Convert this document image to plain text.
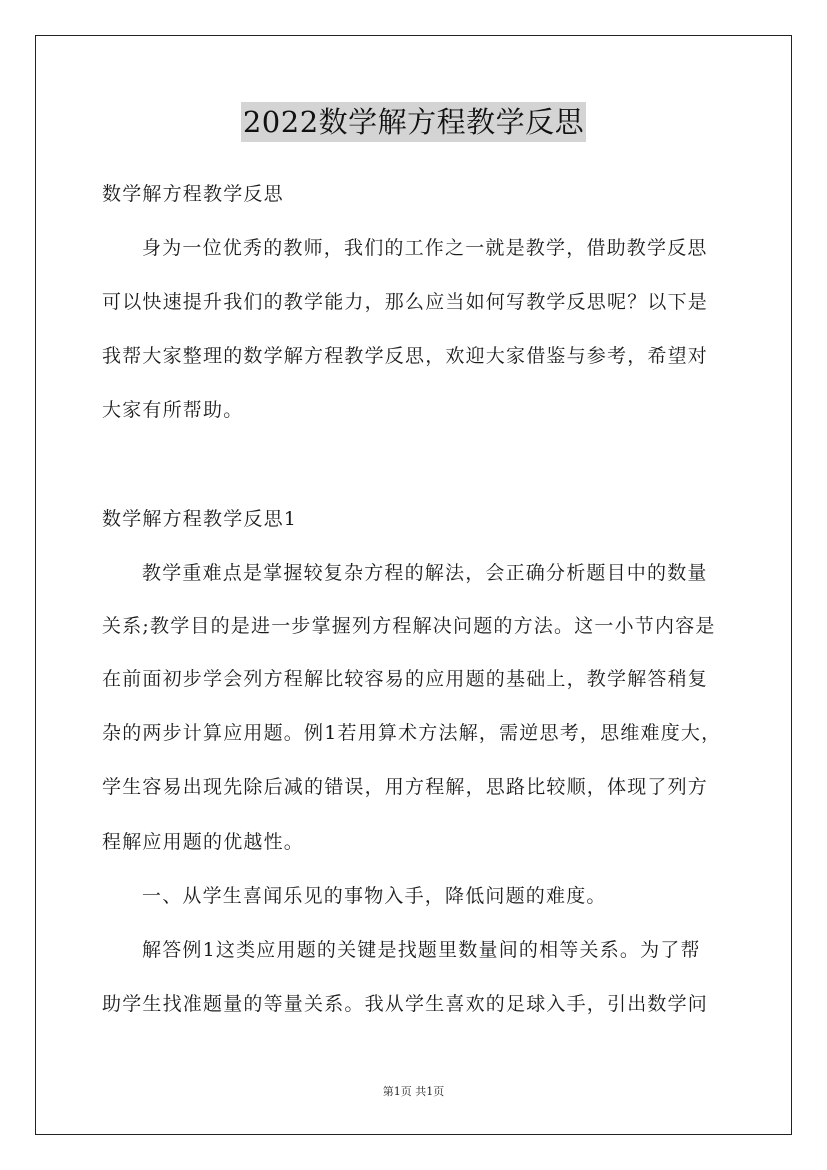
2022数学解方程教学反思
数学解方程教学反思
身为一位优秀的教师，我们的工作之一就是教学，借助教学反思
可以快速提升我们的教学能力，那么应当如何写教学反思呢？以下是
我帮大家整理的数学解方程教学反思，欢迎大家借鉴与参考，希望对
大家有所帮助。
数学解方程教学反思1
教学重难点是掌握较复杂方程的解法，会正确分析题目中的数量
关系;教学目的是进一步掌握列方程解决问题的方法。这一小节内容是
在前面初步学会列方程解比较容易的应用题的基础上，教学解答稍复
杂的两步计算应用题。例1若用算术方法解，需逆思考，思维难度大，
学生容易出现先除后减的错误，用方程解，思路比较顺，体现了列方
程解应用题的优越性。
一、从学生喜闻乐见的事物入手，降低问题的难度。
解答例1这类应用题的关键是找题里数量间的相等关系。为了帮
助学生找准题量的等量关系。我从学生喜欢的足球入手，引出数学问
第1页 共1页
